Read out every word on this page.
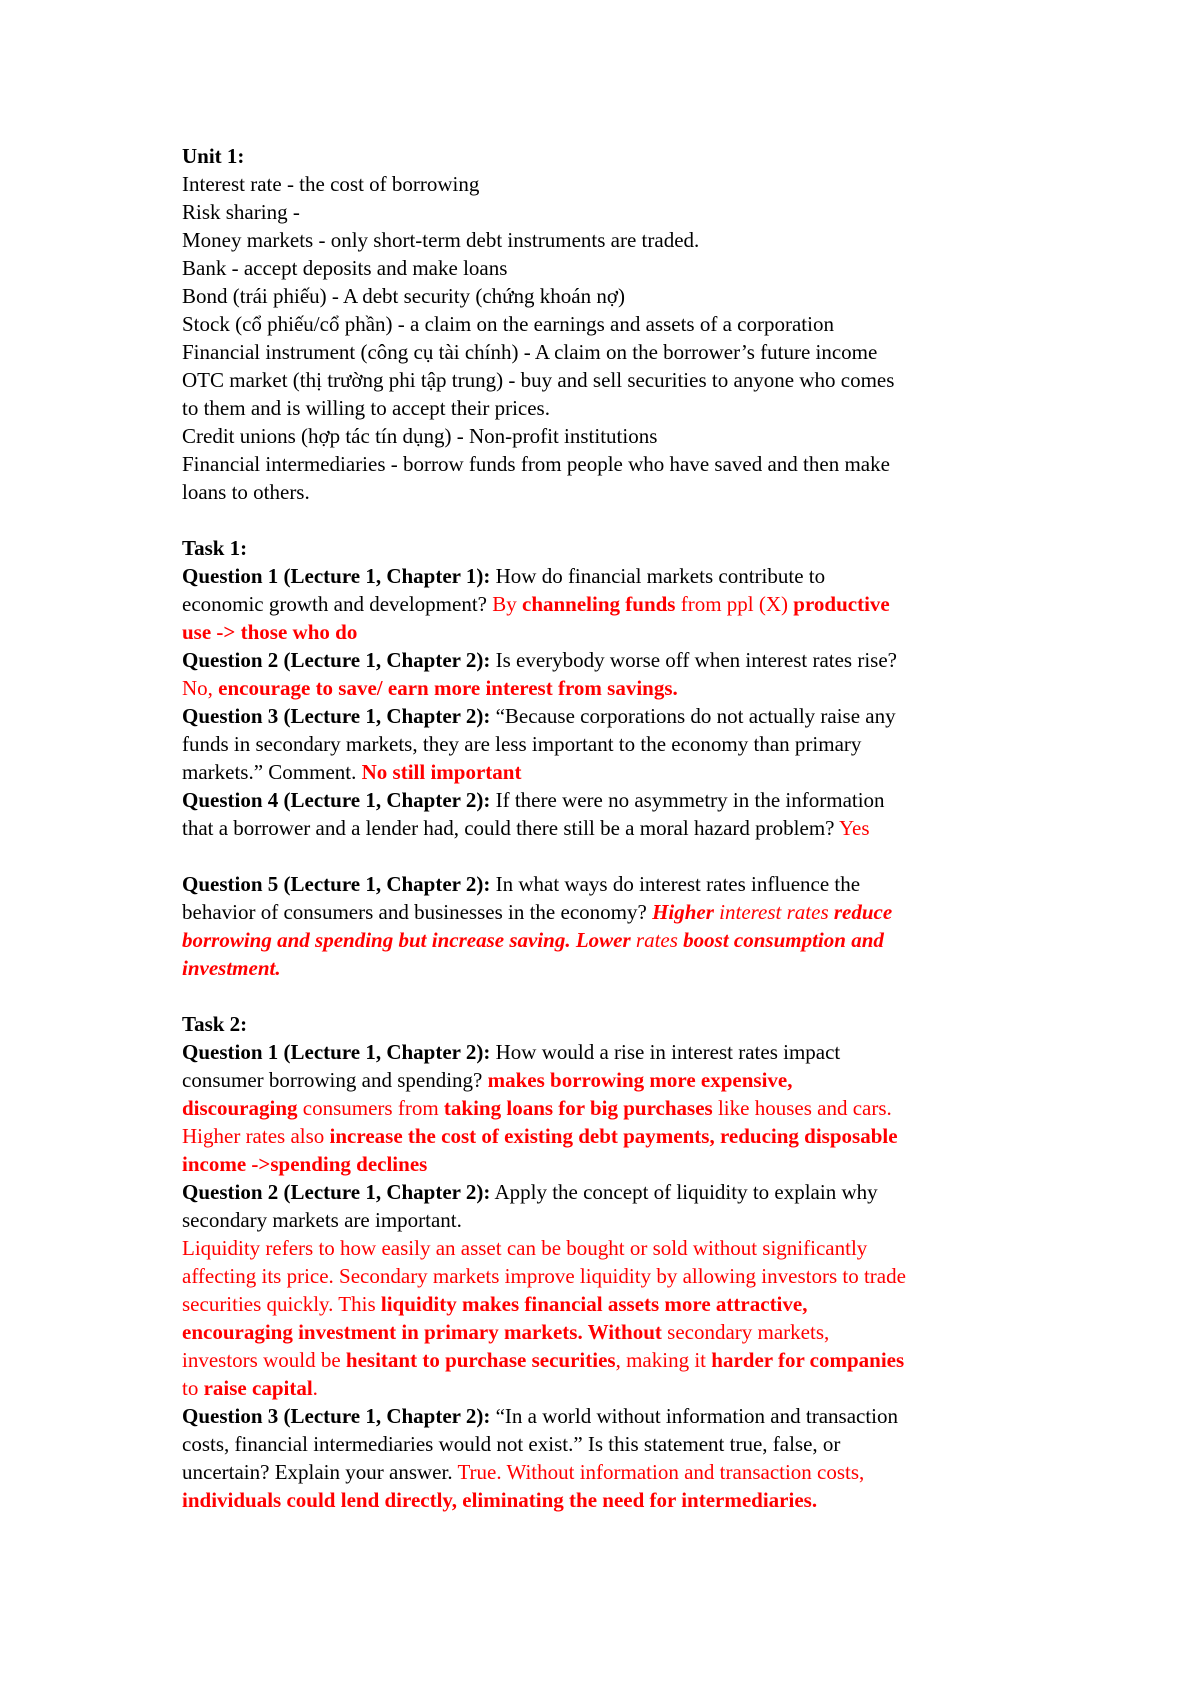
Unit 1:
Interest rate - the cost of borrowing
Risk sharing -
Money markets - only short-term debt instruments are traded.
Bank - accept deposits and make loans
Bond (trái phiếu) - A debt security (chứng khoán nợ)
Stock (cổ phiếu/cổ phần) - a claim on the earnings and assets of a corporation
Financial instrument (công cụ tài chính) - A claim on the borrower’s future income
OTC market (thị trường phi tập trung) - buy and sell securities to anyone who comes
to them and is willing to accept their prices.
Credit unions (hợp tác tín dụng) - Non-profit institutions
Financial intermediaries - borrow funds from people who have saved and then make
loans to others.
Task 1:
Question 1 (Lecture 1, Chapter 1): How do financial markets contribute to
economic growth and development? By channeling funds from ppl (X) productive
use -> those who do
Question 2 (Lecture 1, Chapter 2): Is everybody worse off when interest rates rise?
No, encourage to save/ earn more interest from savings.
Question 3 (Lecture 1, Chapter 2): “Because corporations do not actually raise any
funds in secondary markets, they are less important to the economy than primary
markets.” Comment. No still important
Question 4 (Lecture 1, Chapter 2): If there were no asymmetry in the information
that a borrower and a lender had, could there still be a moral hazard problem? Yes
Question 5 (Lecture 1, Chapter 2): In what ways do interest rates influence the
behavior of consumers and businesses in the economy? Higher interest rates reduce
borrowing and spending but increase saving. Lower rates boost consumption and
investment.
Task 2:
Question 1 (Lecture 1, Chapter 2): How would a rise in interest rates impact
consumer borrowing and spending? makes borrowing more expensive,
discouraging consumers from taking loans for big purchases like houses and cars.
Higher rates also increase the cost of existing debt payments, reducing disposable
income ->spending declines
Question 2 (Lecture 1, Chapter 2): Apply the concept of liquidity to explain why
secondary markets are important.
Liquidity refers to how easily an asset can be bought or sold without significantly
affecting its price. Secondary markets improve liquidity by allowing investors to trade
securities quickly. This liquidity makes financial assets more attractive,
encouraging investment in primary markets. Without secondary markets,
investors would be hesitant to purchase securities, making it harder for companies
to raise capital.
Question 3 (Lecture 1, Chapter 2): “In a world without information and transaction
costs, financial intermediaries would not exist.” Is this statement true, false, or
uncertain? Explain your answer. True. Without information and transaction costs,
individuals could lend directly, eliminating the need for intermediaries.
